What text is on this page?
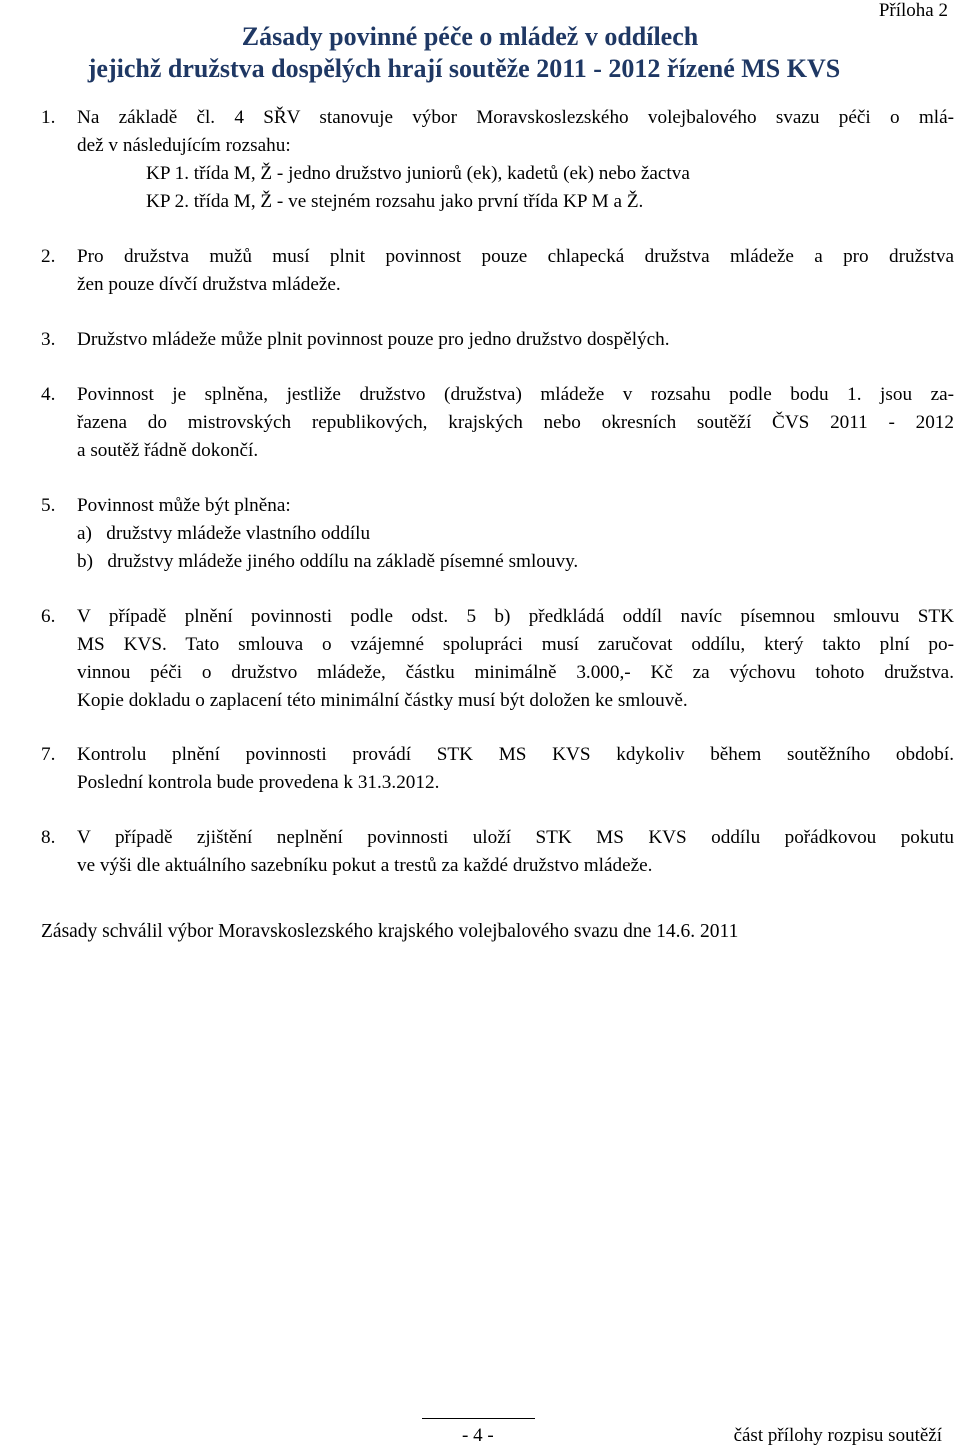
Příloha 2
Zásady povinné péče o mládež v oddílech
jejichž družstva dospělých hrají soutěže 2011 - 2012 řízené MS KVS
1. Na základě čl. 4 SŘV stanovuje výbor Moravskoslezského volejbalového svazu péči o mlá-
dež v následujícím rozsahu:
KP 1. třída M, Ž - jedno družstvo juniorů (ek), kadetů (ek) nebo žactva
KP 2. třída M, Ž - ve stejném rozsahu jako první třída KP M a Ž.
2. Pro družstva mužů musí plnit povinnost pouze chlapecká družstva mládeže a pro družstva
žen pouze dívčí družstva mládeže.
3. Družstvo mládeže může plnit povinnost pouze pro jedno družstvo dospělých.
4. Povinnost je splněna, jestliže družstvo (družstva) mládeže v rozsahu podle bodu 1. jsou za-
řazena do mistrovských republikových, krajských nebo okresních soutěží ČVS 2011 - 2012
a soutěž řádně dokončí.
5. Povinnost může být plněna:
a)   družstvy mládeže vlastního oddílu
b)   družstvy mládeže jiného oddílu na základě písemné smlouvy.
6. V případě plnění povinnosti podle odst. 5 b) předkládá oddíl navíc písemnou smlouvu STK
MS KVS. Tato smlouva o vzájemné spolupráci musí zaručovat oddílu, který takto plní po-
vinnou péči o družstvo mládeže, částku minimálně 3.000,- Kč za výchovu tohoto družstva.
Kopie dokladu o zaplacení této minimální částky musí být doložen ke smlouvě.
7. Kontrolu plnění povinnosti provádí STK MS KVS kdykoliv během soutěžního období.
Poslední kontrola bude provedena k 31.3.2012.
8. V případě zjištění neplnění povinnosti uloží STK MS KVS oddílu pořádkovou pokutu
ve výši dle aktuálního sazebníku pokut a trestů za každé družstvo mládeže.
Zásady schválil výbor Moravskoslezského krajského volejbalového svazu dne 14.6. 2011
- 4 -	část přílohy rozpisu soutěží
